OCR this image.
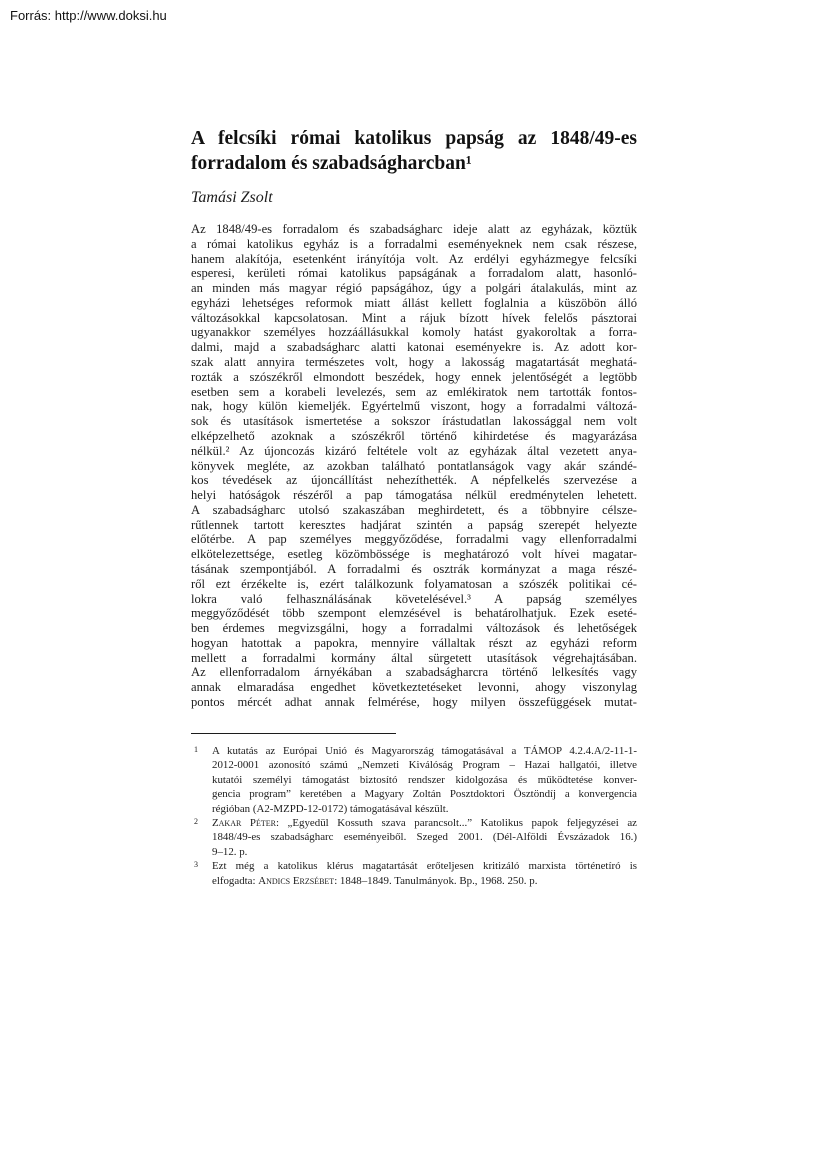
Forrás: http://www.doksi.hu
A felcsíki római katolikus papság az 1848/49-es
forradalom és szabadságharcban¹
Tamási Zsolt
Az 1848/49-es forradalom és szabadságharc ideje alatt az egyházak, köztük
a római katolikus egyház is a forradalmi eseményeknek nem csak részese,
hanem alakítója, esetenként irányítója volt. Az erdélyi egyházmegye felcsíki
esperesi, kerületi római katolikus papságának a forradalom alatt, hasonló-
an minden más magyar régió papságához, úgy a polgári átalakulás, mint az
egyházi lehetséges reformok miatt állást kellett foglalnia a küszöbön álló
változásokkal kapcsolatosan. Mint a rájuk bízott hívek felelős pásztorai
ugyanakkor személyes hozzáállásukkal komoly hatást gyakoroltak a forra-
dalmi, majd a szabadságharc alatti katonai eseményekre is. Az adott kor-
szak alatt annyira természetes volt, hogy a lakosság magatartását meghatá-
rozták a szószékről elmondott beszédek, hogy ennek jelentőségét a legtöbb
esetben sem a korabeli levelezés, sem az emlékiratok nem tartották fontos-
nak, hogy külön kiemeljék. Egyértelmű viszont, hogy a forradalmi változá-
sok és utasítások ismertetése a sokszor írástudatlan lakossággal nem volt
elképzelhető azoknak a szószékről történő kihirdetése és magyarázása
nélkül.² Az újoncozás kizáró feltétele volt az egyházak által vezetett anya-
könyvek megléte, az azokban található pontatlanságok vagy akár szándé-
kos tévedések az újoncállítást nehezíthették. A népfelkelés szervezése a
helyi hatóságok részéről a pap támogatása nélkül eredménytelen lehetett.
A szabadságharc utolsó szakaszában meghirdetett, és a többnyire célsze-
rűtlennek tartott keresztes hadjárat szintén a papság szerepét helyezte
előtérbe. A pap személyes meggyőződése, forradalmi vagy ellenforradalmi
elkötelezettsége, esetleg közömbössége is meghatározó volt hívei magatar-
tásának szempontjából. A forradalmi és osztrák kormányzat a maga részé-
ről ezt érzékelte is, ezért találkozunk folyamatosan a szószék politikai cé-
lokra való felhasználásának követelésével.³ A papság személyes
meggyőződését több szempont elemzésével is behatárolhatjuk. Ezek eseté-
ben érdemes megvizsgálni, hogy a forradalmi változások és lehetőségek
hogyan hatottak a papokra, mennyire vállaltak részt az egyházi reform
mellett a forradalmi kormány által sürgetett utasítások végrehajtásában.
Az ellenforradalom árnyékában a szabadságharcra történő lelkesítés vagy
annak elmaradása engedhet következtetéseket levonni, ahogy viszonylag
pontos mércét adhat annak felmérése, hogy milyen összefüggések mutat-
1	A kutatás az Európai Unió és Magyarország támogatásával a TÁMOP 4.2.4.A/2-11-1-
2012-0001 azonosító számú „Nemzeti Kiválóság Program – Hazai hallgatói, illetve
kutatói személyi támogatást biztosító rendszer kidolgozása és működtetése konver-
gencia program” keretében a Magyary Zoltán Posztdoktori Ösztöndíj a konvergencia
régióban (A2-MZPD-12-0172) támogatásával készült.
2	Zakar Péter: „Egyedül Kossuth szava parancsolt...” Katolikus papok feljegyzései az
1848/49-es szabadságharc eseményeiből. Szeged 2001. (Dél-Alföldi Évszázadok 16.)
9–12. p.
3	Ezt még a katolikus klérus magatartását erőteljesen kritizáló marxista történetíró is
elfogadta: Andics Erzsébet: 1848–1849. Tanulmányok. Bp., 1968. 250. p.
